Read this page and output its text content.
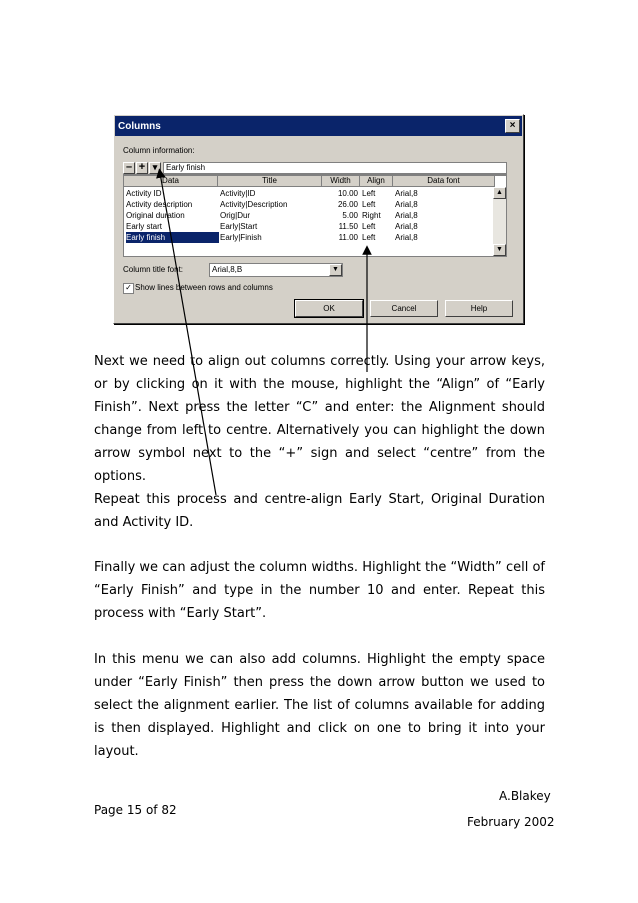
Columns	×
Column information:
– + ▾	Early finish
Data	Title	Width	Align	Data font
Activity ID	Activity|ID	10.00 Left Arial,8
Activity description	Activity|Description	26.00 Left Arial,8
Original duration	Orig|Dur	5.00 Right Arial,8
Early start	Early|Start	11.50 Left Arial,8
Early finish	Early|Finish	11.00 Left Arial,8
▲
▼
Column title font:	Arial,8,B	▼
✓ Show lines between rows and columns
OK	Cancel	Help

Next we need to align out columns correctly. Using your arrow keys, or by clicking on it with the mouse, highlight the “Align” of “Early Finish”. Next press the letter “C” and enter: the Alignment should change from left to centre. Alternatively you can highlight the down arrow symbol next to the “+” sign and select “centre” from the options.

Repeat this process and centre-align Early Start, Original Duration and Activity ID.

Finally we can adjust the column widths. Highlight the “Width” cell of “Early Finish” and type in the number 10 and enter. Repeat this process with “Early Start”.

In this menu we can also add columns. Highlight the empty space under “Early Finish” then press the down arrow button we used to select the alignment earlier. The list of columns available for adding is then displayed. Highlight and click on one to bring it into your layout.

A.Blakey
Page 15 of 82
February 2002
